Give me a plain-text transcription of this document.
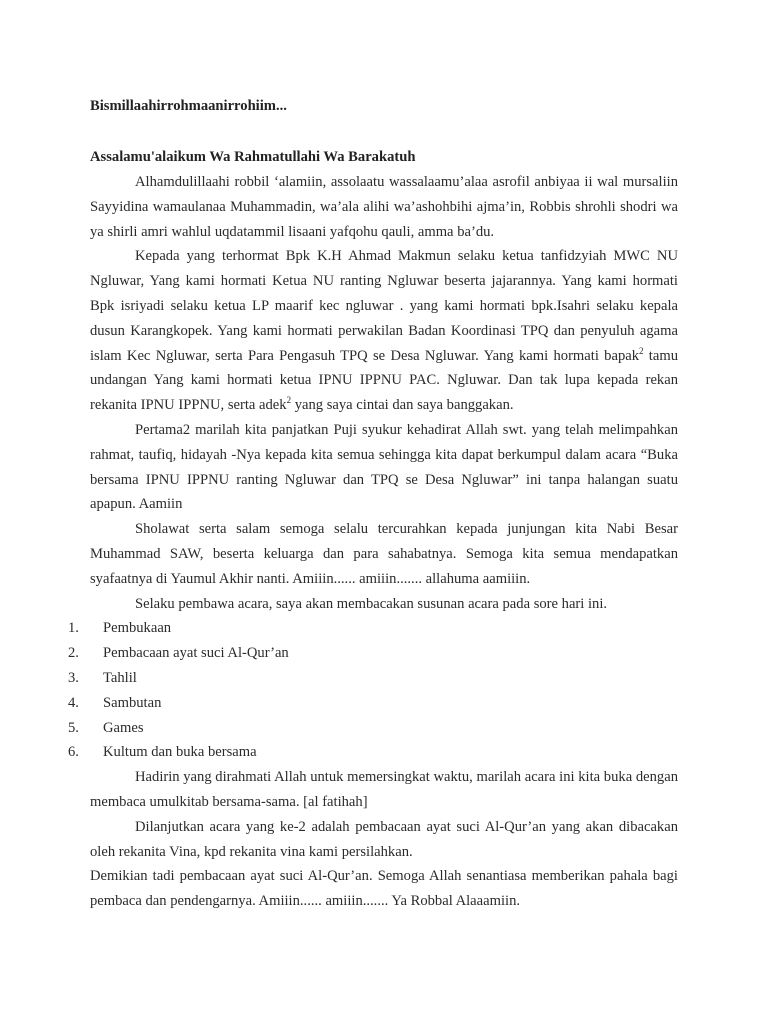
Bismillaahirrohmaanirrohiim...
Assalamu'alaikum Wa Rahmatullahi Wa Barakatuh

Alhamdulillaahi robbil ‘alamiin, assolaatu wassalaamu’alaa asrofil anbiyaa ii wal mursaliin Sayyidina wamaulanaa Muhammadin, wa’ala alihi wa’ashohbihi ajma’in, Robbis shrohli shodri wa ya shirli amri wahlul uqdatammil lisaani yafqohu qauli, amma ba’du.

Kepada yang terhormat Bpk K.H Ahmad Makmun selaku ketua tanfidzyiah MWC NU Ngluwar, Yang kami hormati Ketua NU ranting Ngluwar beserta jajarannya. Yang kami hormati Bpk isriyadi selaku ketua LP maarif kec ngluwar . yang kami hormati bpk.Isahri selaku kepala dusun Karangkopek. Yang kami hormati perwakilan Badan Koordinasi TPQ dan penyuluh agama islam Kec Ngluwar, serta Para Pengasuh TPQ se Desa Ngluwar. Yang kami hormati bapak$^2$ tamu undangan Yang kami hormati ketua IPNU IPPNU PAC. Ngluwar. Dan tak lupa kepada rekan rekanita IPNU IPPNU, serta adek$^2$ yang saya cintai dan saya banggakan.

Pertama2 marilah kita panjatkan Puji syukur kehadirat Allah swt. yang telah melimpahkan rahmat, taufiq, hidayah -Nya kepada kita semua sehingga kita dapat berkumpul dalam acara “Buka bersama IPNU IPPNU ranting Ngluwar dan TPQ se Desa Ngluwar” ini tanpa halangan suatu apapun. Aamiin

Sholawat serta salam semoga selalu tercurahkan kepada junjungan kita Nabi Besar Muhammad SAW, beserta keluarga dan para sahabatnya. Semoga kita semua mendapatkan syafaatnya di Yaumul Akhir nanti. Amiiin...... amiiin....... allahuma aamiiin.

Selaku pembawa acara, saya akan membacakan susunan acara pada sore hari ini.

1.	Pembukaan
2.	Pembacaan ayat suci Al-Qur’an
3.	Tahlil
4.	Sambutan
5.	Games
6.	Kultum dan buka bersama

Hadirin yang dirahmati Allah untuk memersingkat waktu, marilah acara ini kita buka dengan membaca umulkitab bersama-sama. [al fatihah]

Dilanjutkan acara yang ke-2 adalah pembacaan ayat suci Al-Qur’an yang akan dibacakan oleh rekanita Vina, kpd rekanita vina kami persilahkan.

Demikian tadi pembacaan ayat suci Al-Qur’an. Semoga Allah senantiasa memberikan pahala bagi pembaca dan pendengarnya. Amiiin...... amiiin....... Ya Robbal Alaaamiin.
